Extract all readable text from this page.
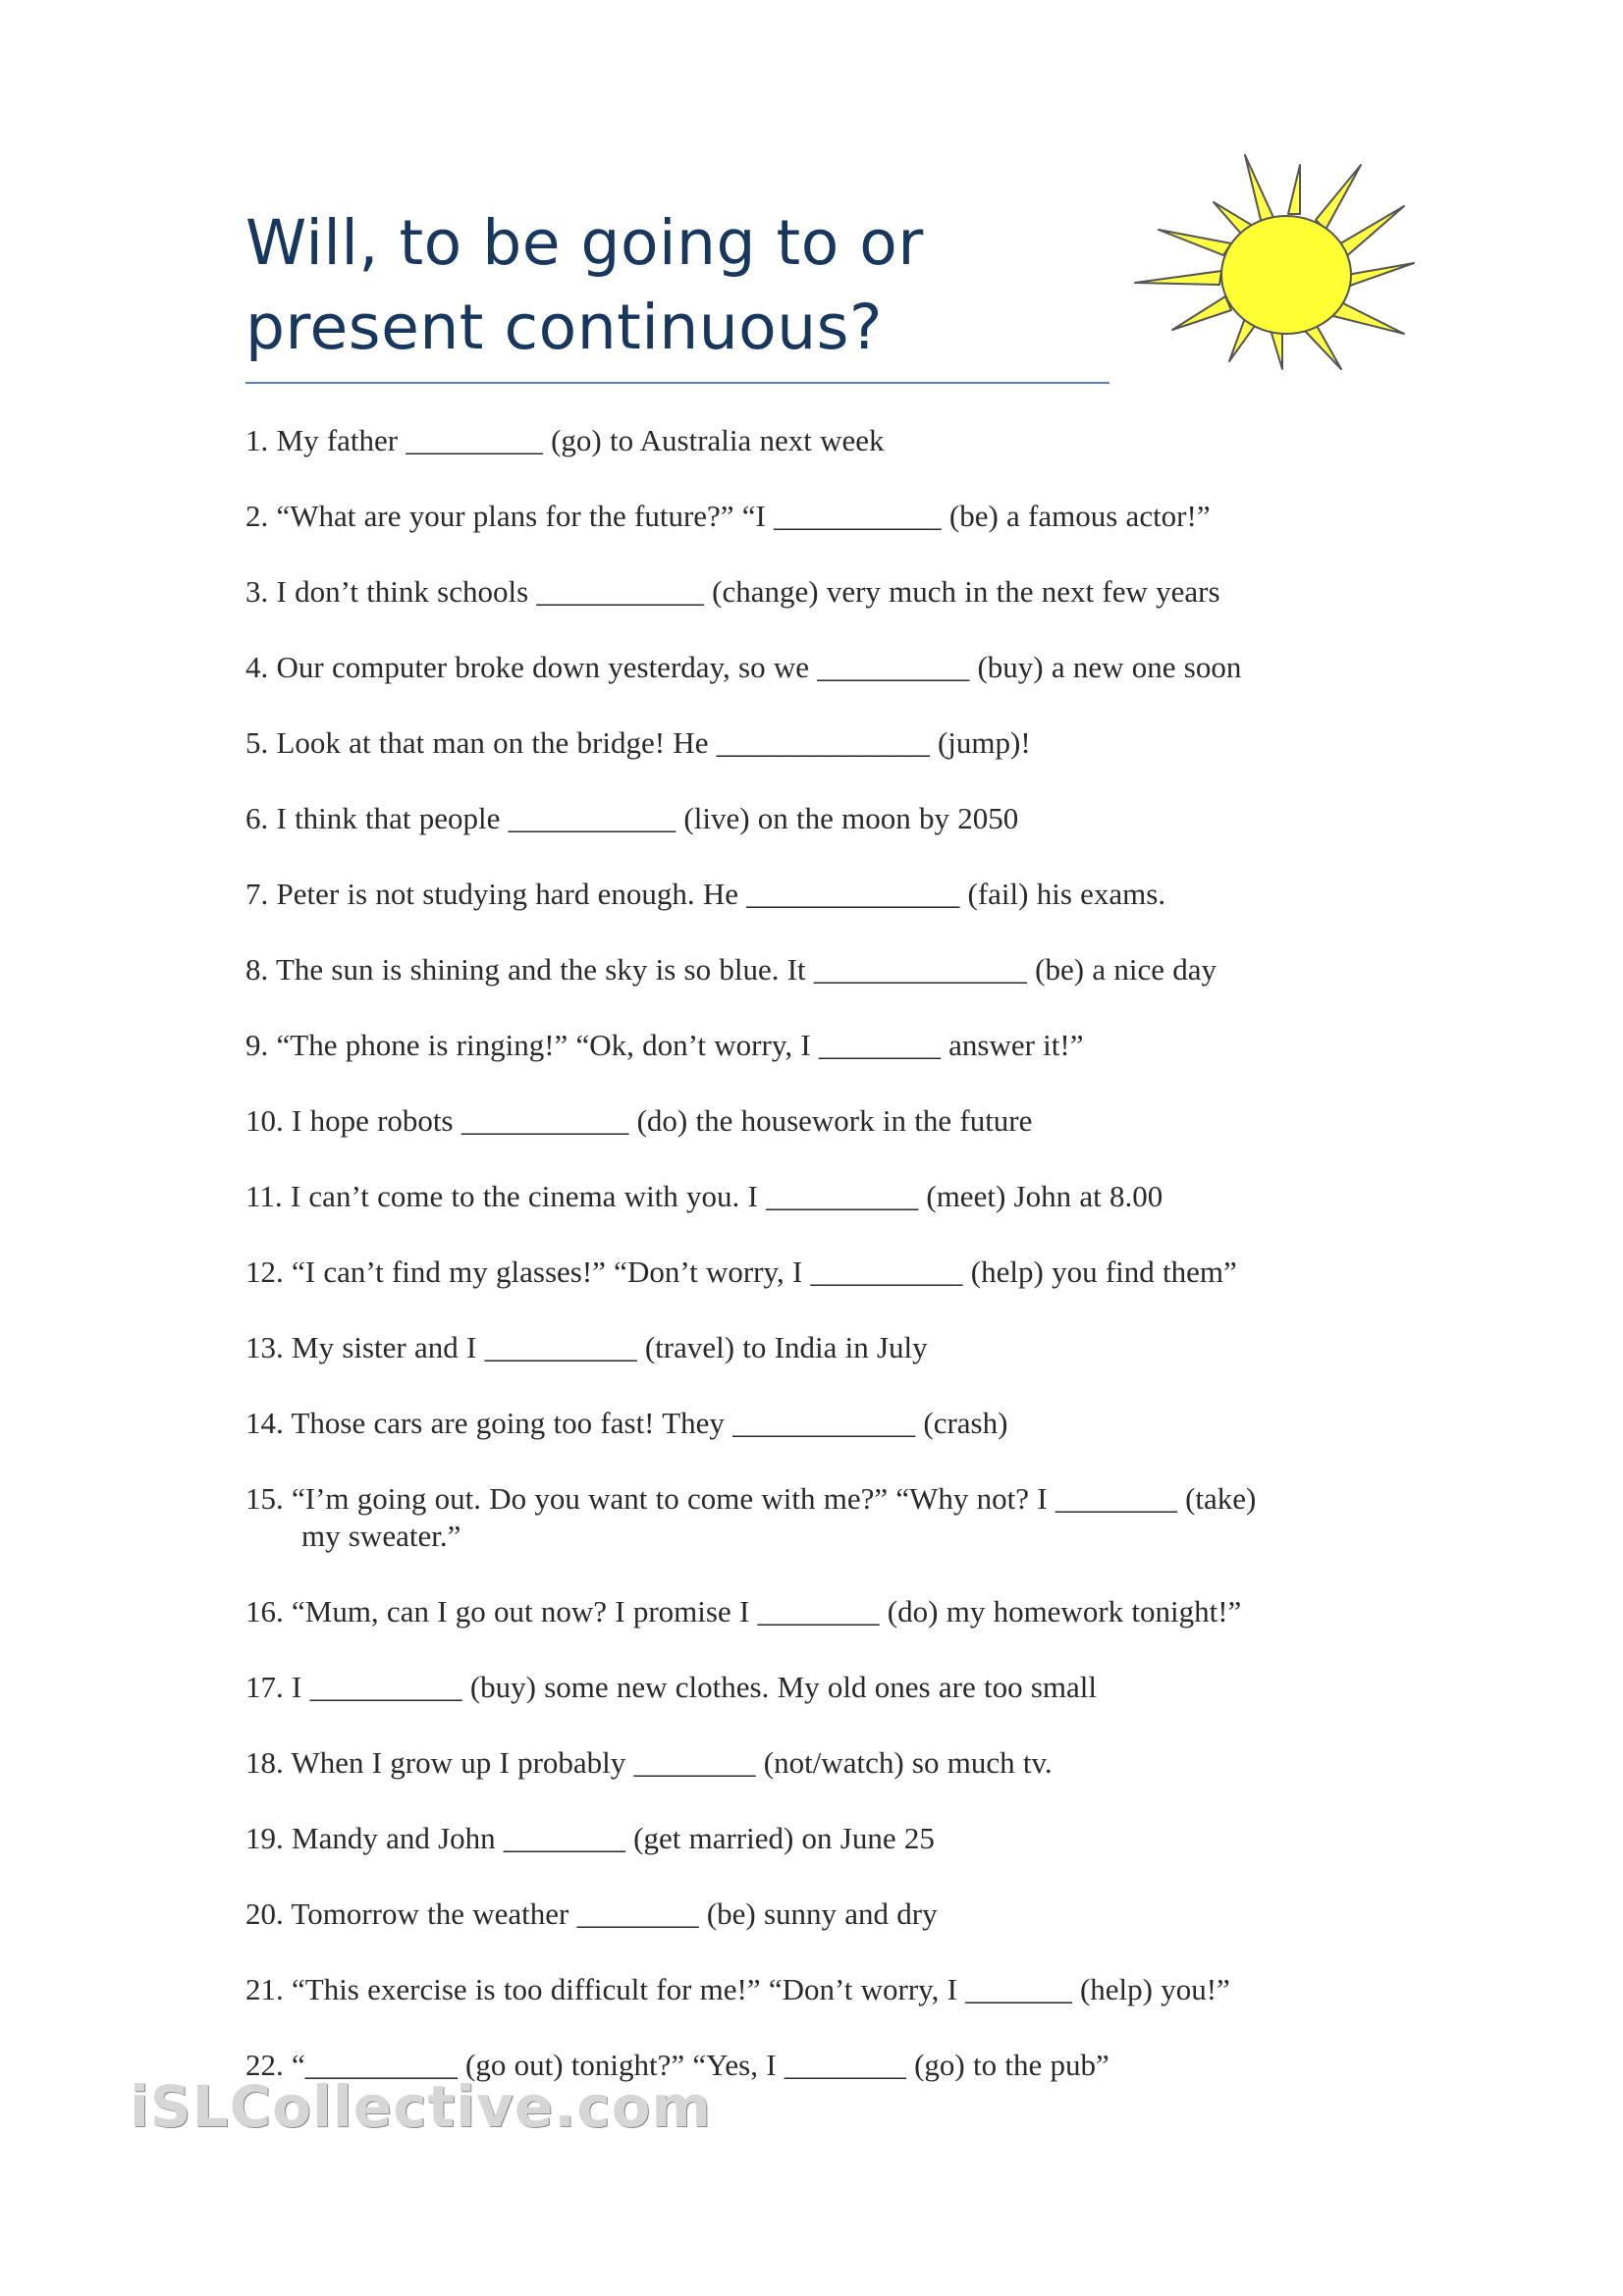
Will, to be going to or
present continuous?
1. My father _________ (go) to Australia next week
2. “What are your plans for the future?” “I ___________ (be) a famous actor!”
3. I don’t think schools ___________ (change) very much in the next few years
4. Our computer broke down yesterday, so we __________ (buy) a new one soon
5. Look at that man on the bridge! He ______________ (jump)!
6. I think that people ___________ (live) on the moon by 2050
7. Peter is not studying hard enough. He ______________ (fail) his exams.
8. The sun is shining and the sky is so blue. It ______________ (be) a nice day
9. “The phone is ringing!” “Ok, don’t worry, I ________ answer it!”
10. I hope robots ___________ (do) the housework in the future
11. I can’t come to the cinema with you. I __________ (meet) John at 8.00
12. “I can’t find my glasses!” “Don’t worry, I __________ (help) you find them”
13. My sister and I __________ (travel) to India in July
14. Those cars are going too fast! They ____________ (crash)
15. “I’m going out. Do you want to come with me?” “Why not? I ________ (take)
my sweater.”
16. “Mum, can I go out now? I promise I ________ (do) my homework tonight!”
17. I __________ (buy) some new clothes. My old ones are too small
18. When I grow up I probably ________ (not/watch) so much tv.
19. Mandy and John ________ (get married) on June 25
20. Tomorrow the weather ________ (be) sunny and dry
21. “This exercise is too difficult for me!” “Don’t worry, I _______ (help) you!”
22. “__________ (go out) tonight?” “Yes, I ________ (go) to the pub”
iSLCollective.com
